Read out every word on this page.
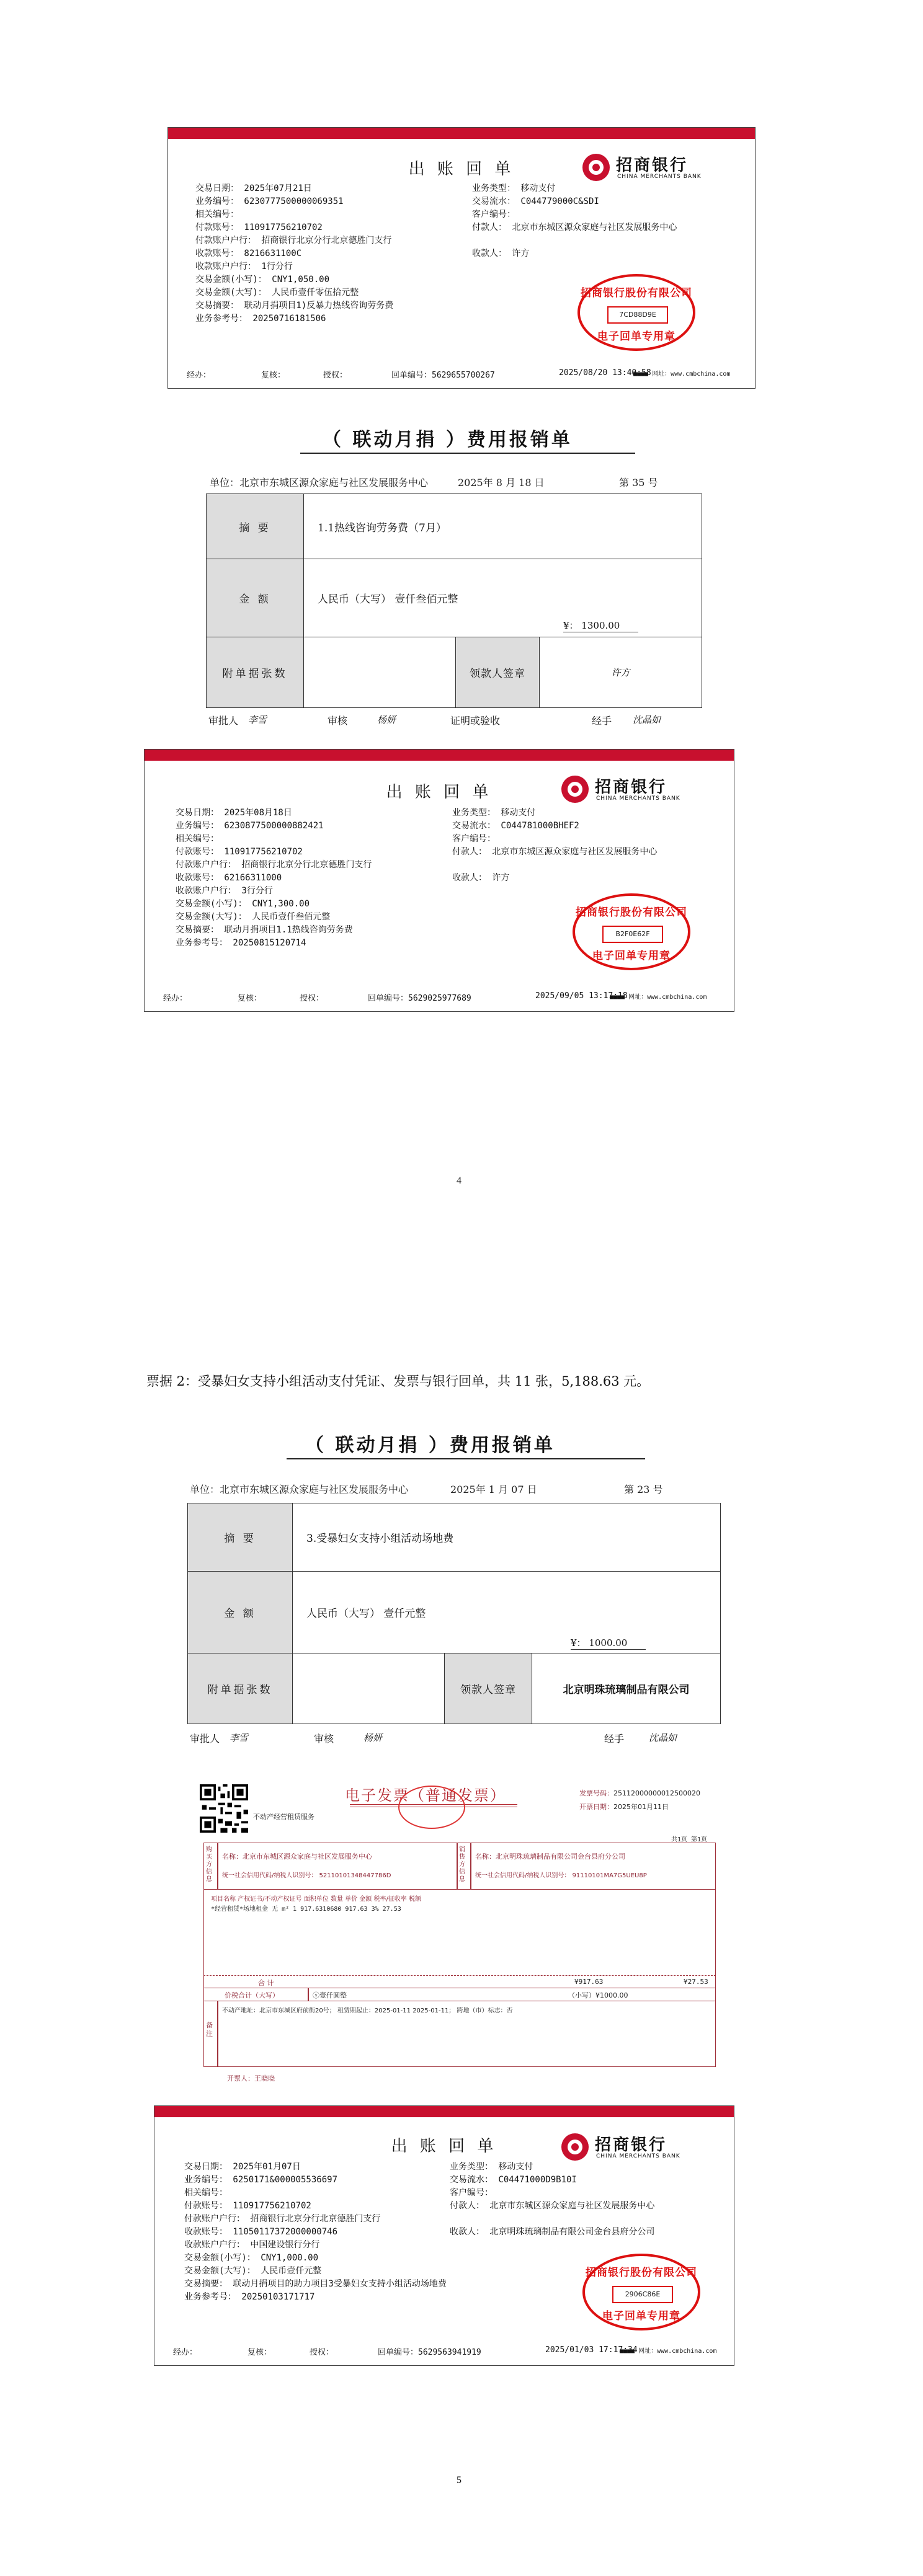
出 账 回 单	招商银行
CHINA MERCHANTS BANK
交易日期： 2025年07月21日
业务编号： 6230777500000069351
相关编号：
付款账号： 110917756210702
付款账户户行： 招商银行北京分行北京德胜门支行
收款账号： 8216631100C
收款账户户行： 1行分行
交易金额(小写)： CNY1,050.00
交易金额(大写)： 人民币壹仟零伍拾元整
交易摘要： 联动月捐项目1)反暴力热线咨询劳务费
业务参考号： 20250716181506
业务类型： 移动支付
交易流水： C044779000C&SDI
客户编号：
付款人： 北京市东城区源众家庭与社区发展服务中心

收款人： 许方
招商银行股份有限公司
7CD88D9E
电子回单专用章
经办：	复核：	授权：	回单编号：5629655700267	2025/08/20 13:40:58
■■■■ 网址：www.cmbchina.com
（ 联动月捐 ）费用报销单
单位：北京市东城区源众家庭与社区发展服务中心	2025年 8 月 18 日	第 35 号
摘 要	1.1热线咨询劳务费（7月）		
金 额	人民币（大写） 壹仟叁佰元整
¥： 1300.00		

附单据张数		领款人签章	许方
审批人 李雪	审核	杨妍	证明或验收	经手 沈晶如
出 账 回 单	招商银行
CHINA MERCHANTS BANK
交易日期： 2025年08月18日
业务编号： 6230877500000882421
相关编号：
付款账号： 110917756210702
付款账户户行： 招商银行北京分行北京德胜门支行
收款账号： 62166311000
收款账户户行： 3行分行
交易金额(小写)： CNY1,300.00
交易金额(大写)： 人民币壹仟叁佰元整
交易摘要： 联动月捐项目1.1热线咨询劳务费
业务参考号： 20250815120714
业务类型： 移动支付
交易流水： C044781000BHEF2
客户编号：
付款人： 北京市东城区源众家庭与社区发展服务中心

收款人： 许方
招商银行股份有限公司
B2F0E62F
电子回单专用章
经办：	复核：	授权：	回单编号：5629025977689	2025/09/05 13:17:18
■■■■ 网址：www.cmbchina.com
4
票据 2：受暴妇女支持小组活动支付凭证、发票与银行回单，共 11 张，5,188.63 元。
（ 联动月捐 ）费用报销单
单位：北京市东城区源众家庭与社区发展服务中心	2025年 1 月 07 日	第 23 号
摘 要	3.受暴妇女支持小组活动场地费		
金 额	人民币（大写） 壹仟元整
¥： 1000.00		

附单据张数		领款人签章	北京明珠琉璃制品有限公司
审批人 李雪	审核	杨妍	经手	沈晶如
不动产经营租赁服务
电子发票（普通发票）	发票号码：25112000000012500020
开票日期：2025年01月11日
共1页 第1页
购买方信息
销售方信息
名称：北京市东城区源众家庭与社区发展服务中心
统一社会信用代码/纳税人识别号： 52110101348447786D
名称：北京明珠琉璃制品有限公司金台县府分公司
统一社会信用代码/纳税人识别号： 91110101MA7G5UEU8P
项目名称 产权证书/不动产权证号 面积单位 数量 单价 金额 税率/征收率 税额
*经营租赁*场地租金 无 m² 1 917.6310680 917.63 3% 27.53
合 计	¥917.63	¥27.53
价税合计（大写）	ⓧ壹仟圆整	（小写）¥1000.00
备注
不动产地址：北京市东城区府前街20号； 租赁期起止：2025-01-11 2025-01-11； 跨地（市）标志：否
开票人：王晓晓
出 账 回 单	招商银行
CHINA MERCHANTS BANK
交易日期： 2025年01月07日
业务编号： 6250171&000005536697
相关编号：
付款账号： 110917756210702
付款账户户行： 招商银行北京分行北京德胜门支行
收款账号： 11050117372000000746
收款账户户行： 中国建设银行分行
交易金额(小写)： CNY1,000.00
交易金额(大写)： 人民币壹仟元整
交易摘要： 联动月捐项目的助力项目3受暴妇女支持小组活动场地费
业务参考号： 20250103171717
业务类型： 移动支付
交易流水： C04471000D9B10I
客户编号：
付款人： 北京市东城区源众家庭与社区发展服务中心

收款人： 北京明珠琉璃制品有限公司金台县府分公司
招商银行股份有限公司
2906C86E
电子回单专用章
经办：	复核：	授权：	回单编号：5629563941919	2025/01/03 17:17:34
■■■■ 网址：www.cmbchina.com
5
